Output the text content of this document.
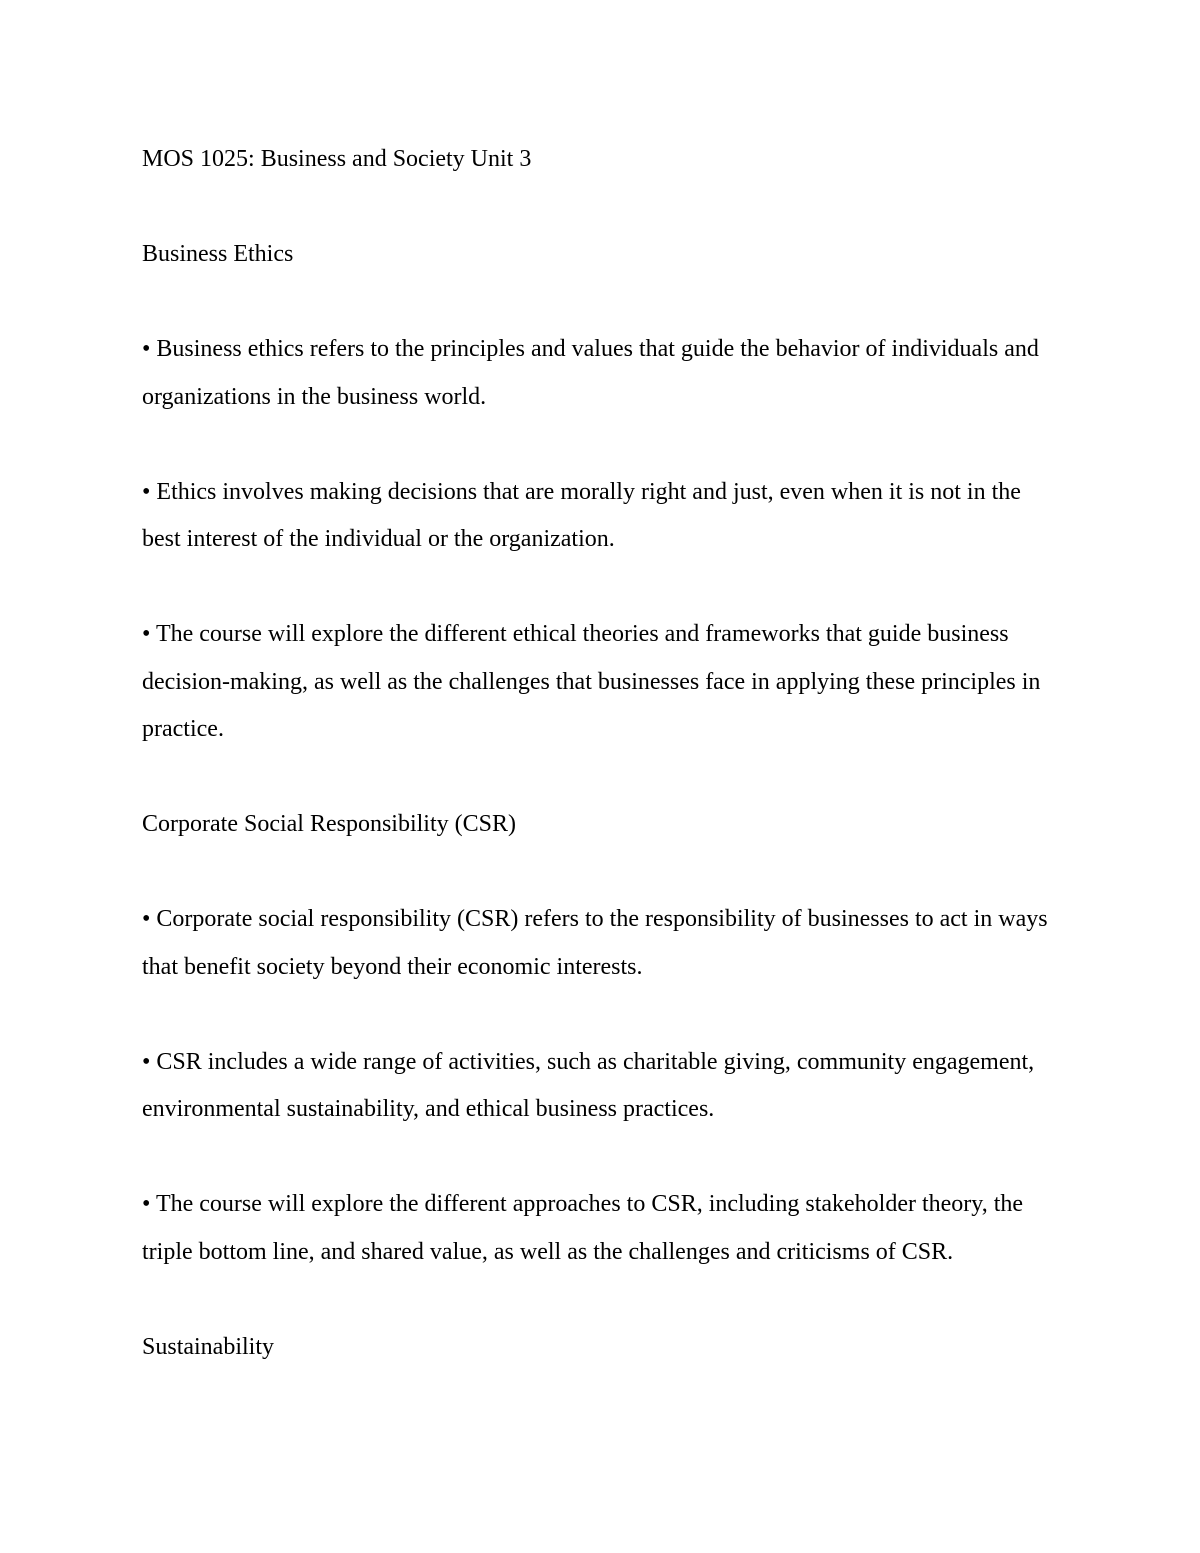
MOS 1025: Business and Society Unit 3

Business Ethics

• Business ethics refers to the principles and values that guide the behavior of individuals and organizations in the business world.

• Ethics involves making decisions that are morally right and just, even when it is not in the best interest of the individual or the organization.

• The course will explore the different ethical theories and frameworks that guide business decision-making, as well as the challenges that businesses face in applying these principles in practice.

Corporate Social Responsibility (CSR)

• Corporate social responsibility (CSR) refers to the responsibility of businesses to act in ways that benefit society beyond their economic interests.

• CSR includes a wide range of activities, such as charitable giving, community engagement, environmental sustainability, and ethical business practices.

• The course will explore the different approaches to CSR, including stakeholder theory, the triple bottom line, and shared value, as well as the challenges and criticisms of CSR.

Sustainability
